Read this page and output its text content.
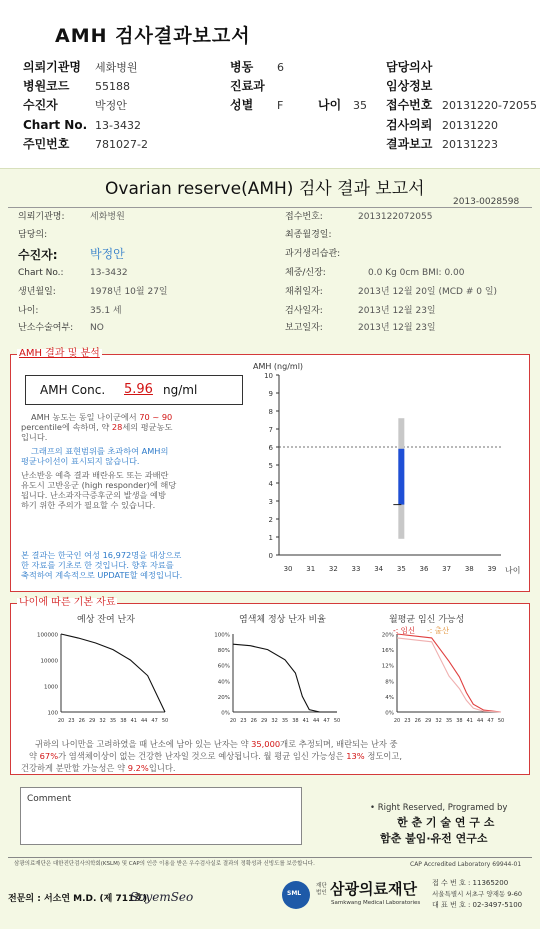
AMH 검사결과보고서
의뢰기관명 세화병원	병동 6	담당의사
병원코드 55188	진료과	임상정보
수진자	박정안	성별 F	나이 35 접수번호 20131220-72055
Chart No. 13-3432	검사의뢰 20131220
주민번호 781027-2	결과보고 20131223
Ovarian reserve(AMH) 검사 결과 보고서
2013-0028598
의뢰기관명:	세화병원
담당의:
수진자:	박정안
Chart No.:	13-3432
생년월일:	1978년 10월 27일
나이:	35.1 세
난소수술여부: NO
접수번호:	2013122072055
최종월경일:
과거생리습관:
체중/신장:	0.0 Kg 0cm BMI: 0.00
채취일자:	2013년 12월 20일 (MCD # 0 일)
검사일자:	2013년 12월 23일
보고일자:	2013년 12월 23일
AMH 결과 및 분석
AMH Conc. 5.96 ng/ml
AMH 농도는 동일 나이군에서 70 ~ 90
percentile에 속하며, 약 28세의 평균농도
입니다.
그래프의 표현범위를 초과하여 AMH의
평균나이선이 표시되지 않습니다.
난소반응 예측 결과 배란유도 또는 과배란
유도시 고반응군 (high responder)에 해당
됩니다. 난소과자극증후군의 발생을 예방
하기 위한 주의가 필요할 수 있습니다.
본 결과는 한국인 여성 16,972명을 대상으로
한 자료를 기초로 한 것입니다. 향후 자료를
축적하여 계속적으로 UPDATE할 예정입니다.
AMH (ng/ml)
0
1
2
3
4
5
6
7
8
9
10
30 31 32 33 34 35 36 37 38 39 나이
나이에 따른 기본 자료
예상 잔여 난자	염색체 정상 난자 비율	월평균 임신 가능성
-: 임신 -: 출산
100
1000
10000
100000
20 23 26 29 32 35 38 41 44 47 50
0%
20%
40%
60%
80%
100%
20 23 26 29 32 35 38 41 44 47 50
0%
4%
8%
12%
16%
20%
20 23 26 29 32 35 38 41 44 47 50
귀하의 나이만을 고려하였을 때 난소에 남아 있는 난자는 약 35,000개로 추정되며, 배란되는 난자 중
약 67%가 염색체이상이 없는 건강한 난자일 것으로 예상됩니다. 월 평균 임신 가능성은 13% 정도이고,
건강하게 분만할 가능성은 약 9.2%입니다.
Comment
• Right Reserved, Programed by
한 춘 기 술 연 구 소
함춘 불임·유전 연구소
삼광의료재단은 대한진단검사의학회(KSLM) 및 CAP의 인증 이용을 받은 우수검사실로 결과의 정확성과 신빙도를 보증합니다.	CAP Accredited Laboratory 69944-01
전문의 : 서소연 M.D. (제 711호)
SoyemSeo	SML
재단
법인 삼광의료재단
Samkwang Medical Laboratories
접 수 번 호 : 11365200
서울특별시 서초구 양재동 9-60
대 표 번 호 : 02-3497-5100
